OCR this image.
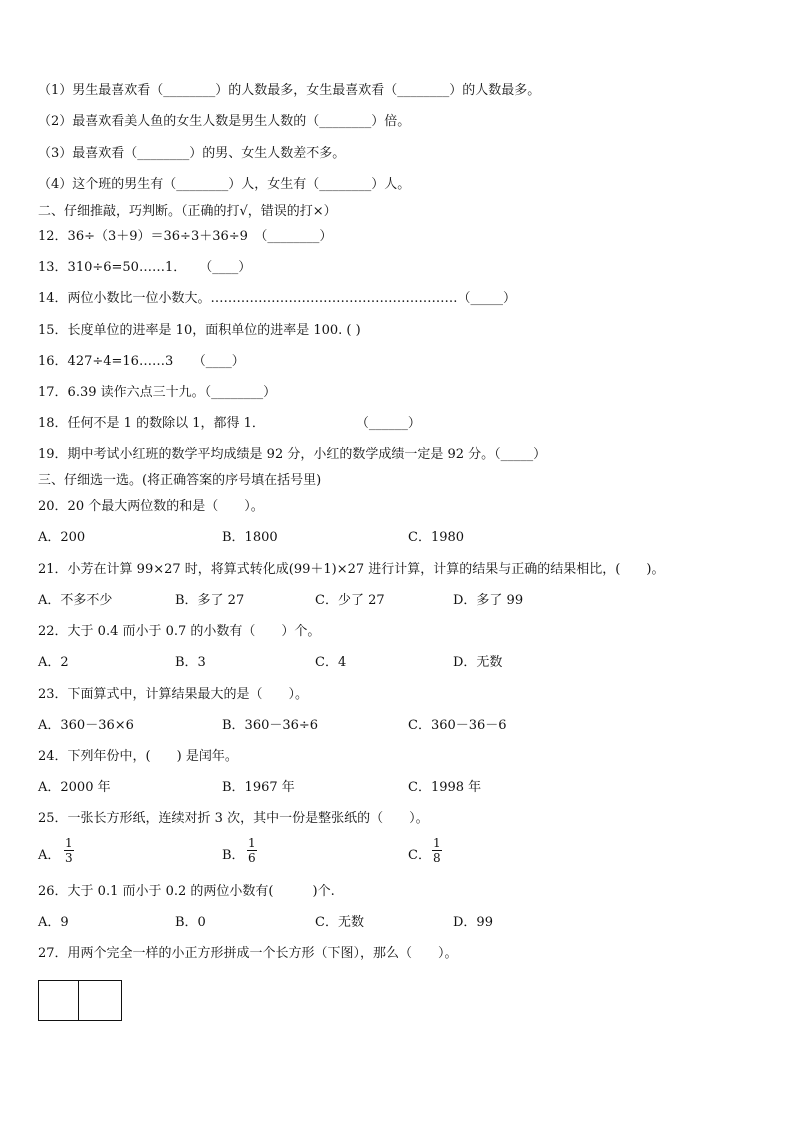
（1）男生最喜欢看（________）的人数最多，女生最喜欢看（________）的人数最多。
（2）最喜欢看美人鱼的女生人数是男生人数的（________）倍。
（3）最喜欢看（________）的男、女生人数差不多。
（4）这个班的男生有（________）人，女生有（________）人。
二、仔细推敲，巧判断。（正确的打√，错误的打×）
12．36÷（3＋9）＝36÷3＋36÷9　（________）
13．310÷6=50……1．　　（____）
14．两位小数比一位小数大。…………………………………………………（_____）
15．长度单位的进率是 10，面积单位的进率是 100. ( )
16．427÷4=16……3　　（____）
17．6.39 读作六点三十九。（________）
18．任何不是 1 的数除以 1，都得 1．　　　　　　　　（______）
19．期中考试小红班的数学平均成绩是 92 分，小红的数学成绩一定是 92 分。（_____）
三、仔细选一选。(将正确答案的序号填在括号里)
20．20 个最大两位数的和是（　　）。
A．200	B．1800	C．1980
21．小芳在计算 99×27 时，将算式转化成(99＋1)×27 进行计算，计算的结果与正确的结果相比，(　　)。
A．不多不少	B．多了 27	C．少了 27	D．多了 99
22．大于 0.4 而小于 0.7 的小数有（　　）个。
A．2	B．3	C．4	D．无数
23．下面算式中，计算结果最大的是（　　）。
A．360－36×6	B．360－36÷6	C．360－36－6
24．下列年份中，(　　) 是闰年。
A．2000 年	B．1967 年	C．1998 年
25．一张长方形纸，连续对折 3 次，其中一份是整张纸的（　　）。
A．
1
3	B．
1
6	C．
1
8
26．大于 0.1 而小于 0.2 的两位小数有(　　　)个.
A．9	B．0	C．无数	D．99
27．用两个完全一样的小正方形拼成一个长方形（下图），那么（　　）。
